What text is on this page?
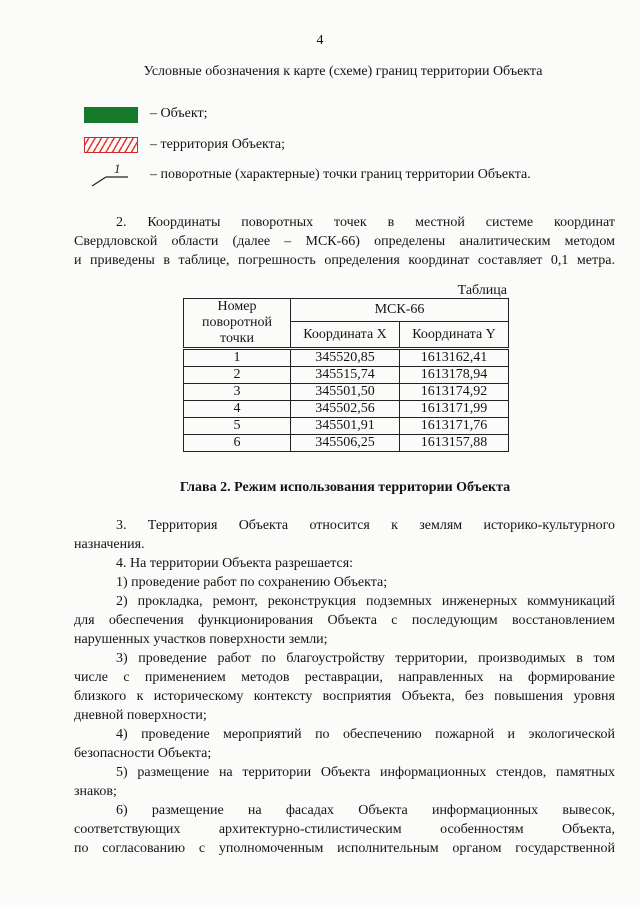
4
Условные обозначения к карте (схеме) границ территории Объекта
– Объект;
– территория Объекта;
1 – поворотные (характерные) точки границ территории Объекта.
2. Координаты поворотных точек в местной системе координат
Свердловской области (далее – МСК-66) определены аналитическим методом
и приведены в таблице, погрешность определения координат составляет 0,1 метра.
Таблица
Номер поворотной точки	МСК-66	
	Координата X	Координата Y
1	345520,85	1613162,41
2	345515,74	1613178,94
3	345501,50	1613174,92
4	345502,56	1613171,99
5	345501,91	1613171,76
6	345506,25	1613157,88
Глава 2. Режим использования территории Объекта
3. Территория Объекта относится к землям историко-культурного
назначения.
4. На территории Объекта разрешается:
1) проведение работ по сохранению Объекта;
2) прокладка, ремонт, реконструкция подземных инженерных коммуникаций
для обеспечения функционирования Объекта с последующим восстановлением
нарушенных участков поверхности земли;
3) проведение работ по благоустройству территории, производимых в том
числе с применением методов реставрации, направленных на формирование
близкого к историческому контексту восприятия Объекта, без повышения уровня
дневной поверхности;
4) проведение мероприятий по обеспечению пожарной и экологической
безопасности Объекта;
5) размещение на территории Объекта информационных стендов, памятных
знаков;
6) размещение на фасадах Объекта информационных вывесок,
соответствующих архитектурно-стилистическим особенностям Объекта,
по согласованию с уполномоченным исполнительным органом государственной
